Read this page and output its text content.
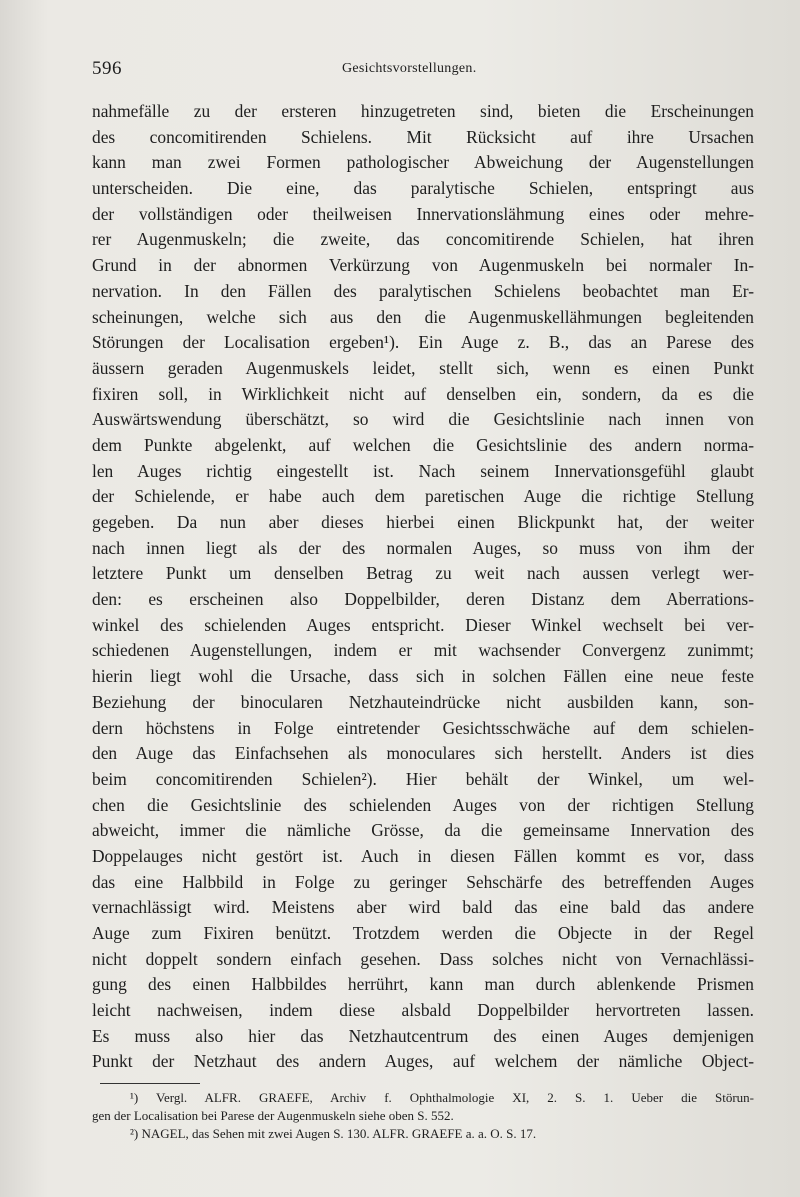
596	Gesichtsvorstellungen.
nahmefälle zu der ersteren hinzugetreten sind, bieten die Erscheinungen
des concomitirenden Schielens. Mit Rücksicht auf ihre Ursachen
kann man zwei Formen pathologischer Abweichung der Augenstellungen
unterscheiden. Die eine, das paralytische Schielen, entspringt aus
der vollständigen oder theilweisen Innervationslähmung eines oder mehre-
rer Augenmuskeln; die zweite, das concomitirende Schielen, hat ihren
Grund in der abnormen Verkürzung von Augenmuskeln bei normaler In-
nervation. In den Fällen des paralytischen Schielens beobachtet man Er-
scheinungen, welche sich aus den die Augenmuskellähmungen begleitenden
Störungen der Localisation ergeben¹). Ein Auge z. B., das an Parese des
äussern geraden Augenmuskels leidet, stellt sich, wenn es einen Punkt
fixiren soll, in Wirklichkeit nicht auf denselben ein, sondern, da es die
Auswärtswendung überschätzt, so wird die Gesichtslinie nach innen von
dem Punkte abgelenkt, auf welchen die Gesichtslinie des andern norma-
len Auges richtig eingestellt ist. Nach seinem Innervationsgefühl glaubt
der Schielende, er habe auch dem paretischen Auge die richtige Stellung
gegeben. Da nun aber dieses hierbei einen Blickpunkt hat, der weiter
nach innen liegt als der des normalen Auges, so muss von ihm der
letztere Punkt um denselben Betrag zu weit nach aussen verlegt wer-
den: es erscheinen also Doppelbilder, deren Distanz dem Aberrations-
winkel des schielenden Auges entspricht. Dieser Winkel wechselt bei ver-
schiedenen Augenstellungen, indem er mit wachsender Convergenz zunimmt;
hierin liegt wohl die Ursache, dass sich in solchen Fällen eine neue feste
Beziehung der binocularen Netzhauteindrücke nicht ausbilden kann, son-
dern höchstens in Folge eintretender Gesichtsschwäche auf dem schielen-
den Auge das Einfachsehen als monoculares sich herstellt. Anders ist dies
beim concomitirenden Schielen²). Hier behält der Winkel, um wel-
chen die Gesichtslinie des schielenden Auges von der richtigen Stellung
abweicht, immer die nämliche Grösse, da die gemeinsame Innervation des
Doppelauges nicht gestört ist. Auch in diesen Fällen kommt es vor, dass
das eine Halbbild in Folge zu geringer Sehschärfe des betreffenden Auges
vernachlässigt wird. Meistens aber wird bald das eine bald das andere
Auge zum Fixiren benützt. Trotzdem werden die Objecte in der Regel
nicht doppelt sondern einfach gesehen. Dass solches nicht von Vernachlässi-
gung des einen Halbbildes herrührt, kann man durch ablenkende Prismen
leicht nachweisen, indem diese alsbald Doppelbilder hervortreten lassen.
Es muss also hier das Netzhautcentrum des einen Auges demjenigen
Punkt der Netzhaut des andern Auges, auf welchem der nämliche Object-
¹) Vergl. ALFR. GRAEFE, Archiv f. Ophthalmologie XI, 2. S. 1. Ueber die Störun-
gen der Localisation bei Parese der Augenmuskeln siehe oben S. 552.
²) NAGEL, das Sehen mit zwei Augen S. 130. ALFR. GRAEFE a. a. O. S. 17.
